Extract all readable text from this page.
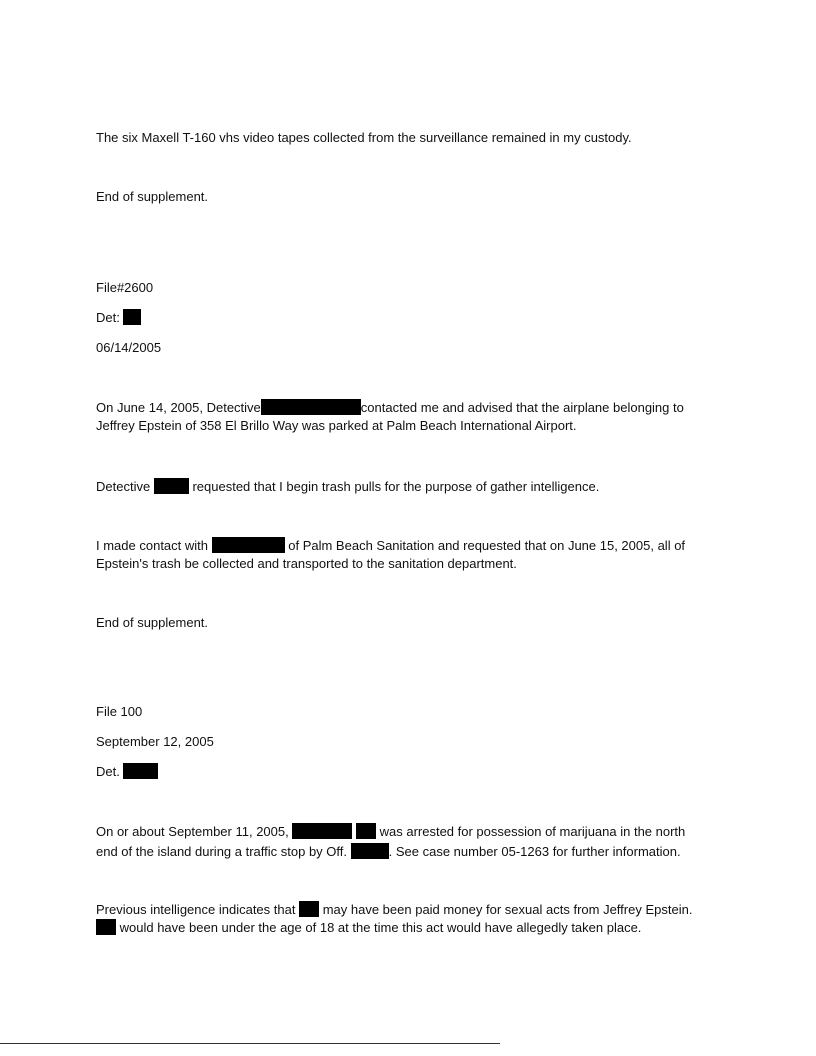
The six Maxell T-160 vhs video tapes collected from the surveillance remained in my custody.

End of supplement.

File#2600

Det:

06/14/2005

On June 14, 2005, Detective	contacted me and advised that the airplane belonging to

Jeffrey Epstein of 358 El Brillo Way was parked at Palm Beach International Airport.

Detective	requested that I begin trash pulls for the purpose of gather intelligence.

I made contact with	of Palm Beach Sanitation and requested that on June 15, 2005, all of

Epstein's trash be collected and transported to the sanitation department.

End of supplement.

File 100

September 12, 2005

Det.

On or about September 11, 2005,	was arrested for possession of marijuana in the north

end of the island during a traffic stop by Off.	. See case number 05-1263 for further information.

Previous intelligence indicates that may have been paid money for sexual acts from Jeffrey Epstein.

would have been under the age of 18 at the time this act would have allegedly taken place.
